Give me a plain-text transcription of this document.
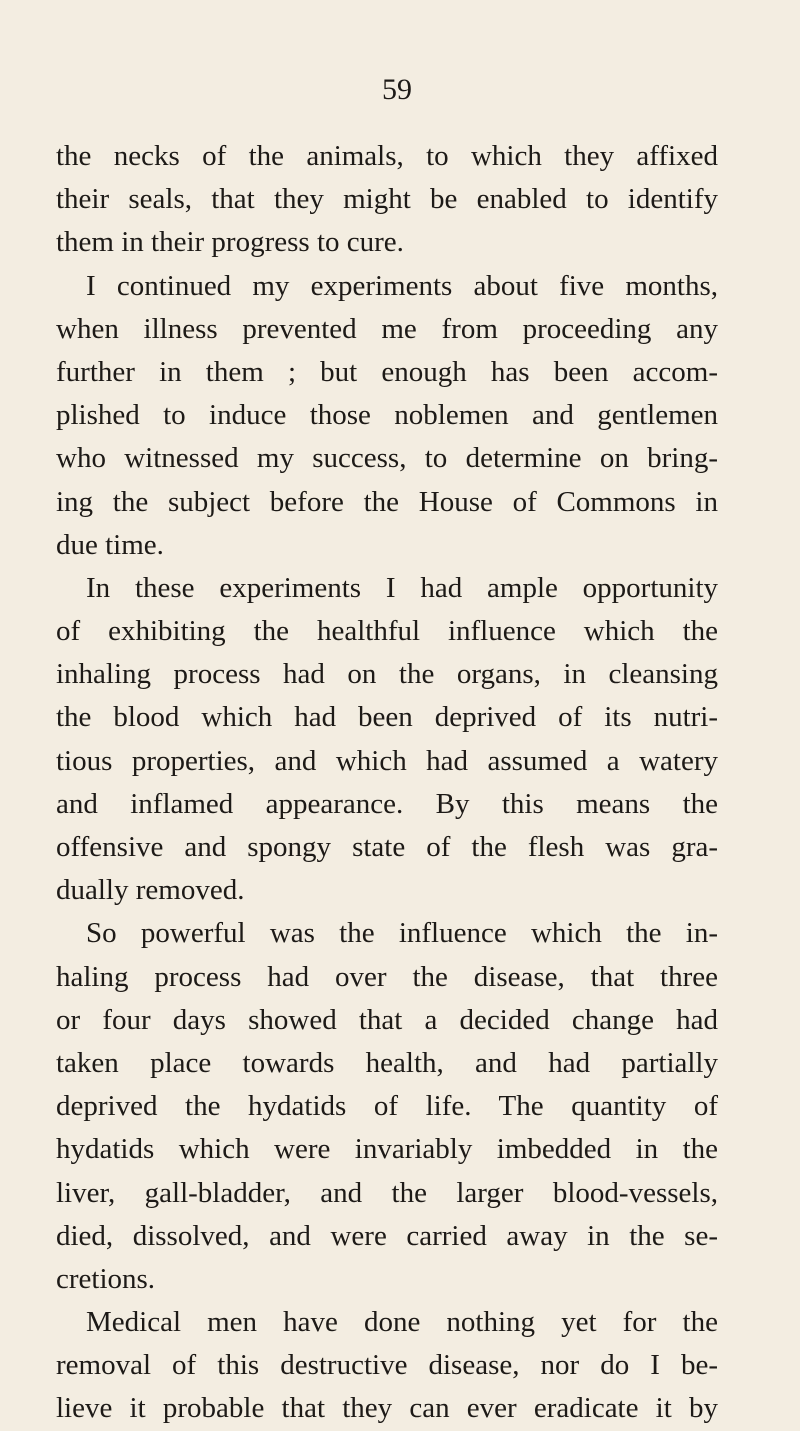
59
the necks of the animals, to which they affixed
their seals, that they might be enabled to identify
them in their progress to cure.
I continued my experiments about five months,
when illness prevented me from proceeding any
further in them ; but enough has been accom-
plished to induce those noblemen and gentlemen
who witnessed my success, to determine on bring-
ing the subject before the House of Commons in
due time.
In these experiments I had ample opportunity
of exhibiting the healthful influence which the
inhaling process had on the organs, in cleansing
the blood which had been deprived of its nutri-
tious properties, and which had assumed a watery
and inflamed appearance. By this means the
offensive and spongy state of the flesh was gra-
dually removed.
So powerful was the influence which the in-
haling process had over the disease, that three
or four days showed that a decided change had
taken place towards health, and had partially
deprived the hydatids of life. The quantity of
hydatids which were invariably imbedded in the
liver, gall-bladder, and the larger blood-vessels,
died, dissolved, and were carried away in the se-
cretions.
Medical men have done nothing yet for the
removal of this destructive disease, nor do I be-
lieve it probable that they can ever eradicate it by
